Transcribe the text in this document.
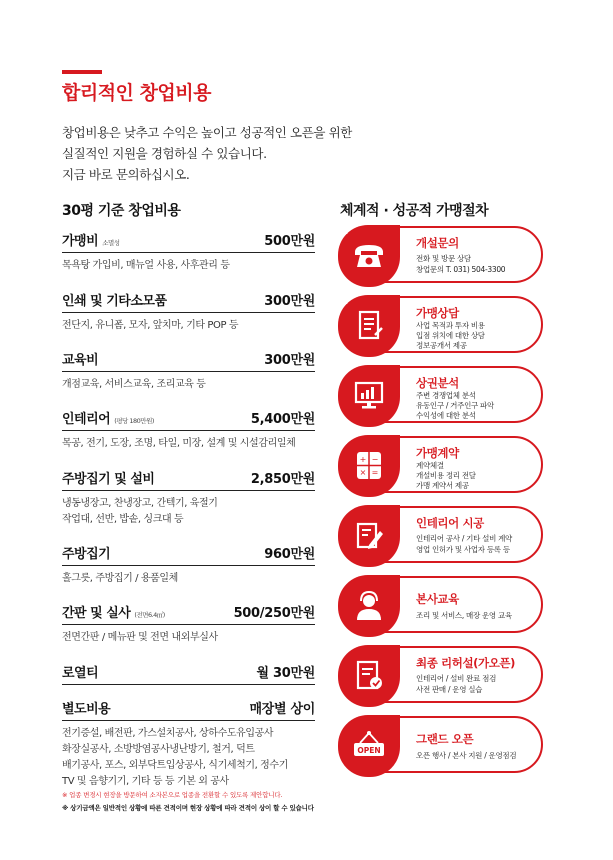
합리적인 창업비용
창업비용은 낮추고 수익은 높이고 성공적인 오픈을 위한
실질적인 지원을 경험하실 수 있습니다.
지금 바로 문의하십시오.
30평 기준 창업비용	체계적 · 성공적 가맹절차
가맹비 소멸성	500만원
목욕탕 가입비, 매뉴얼 사용, 사후관리 등
인쇄 및 기타소모품	300만원
전단지, 유니폼, 모자, 앞치마, 기타 POP 등
교육비	300만원
개점교육, 서비스교육, 조리교육 등
인테리어 (평당 180만원)	5,400만원
목공, 전기, 도장, 조명, 타일, 미장, 설계 및 시설감리일체
주방집기 및 설비	2,850만원
냉동냉장고, 찬냉장고, 간텍기, 육절기
작업대, 선반, 밥솥, 싱크대 등
주방집기	960만원
홀그릇, 주방집기 / 용품일체
간판 및 실사 (전면6.4㎡)	500/250만원
전면간판 / 메뉴판 및 전면 내외부실사
로열티	월 30만원
별도비용	매장별 상이
전기증설, 배전판, 가스설치공사, 상하수도유입공사
화장실공사, 소방방염공사냉난방기, 철거, 덕트
배기공사, 포스, 외부닥트입상공사, 식기세척기, 정수기
TV 및 음향기기, 기타 등 등 기본 외 공사
1
개설문의
전화 및 방문 상담
창업문의 T. 031) 504-3300
2
가맹상담
사업 목적과 투자 비용
입점 위치에 대한 상담
정보공개서 제공
3
상권분석
주변 경쟁업체 분석
유동인구 / 거주인구 파악
수익성에 대한 분석
4
+ −
× =
가맹계약
계약체결
개설비용 정리 전달
가맹 계약서 제공
5
인테리어 시공
인테리어 공사 / 기타 설비 계약
영업 인허가 및 사업자 등록 등
6
본사교육
조리 및 서비스, 매장 운영 교육
7
최종 리허설(가오픈)
인테리어 / 설비 완료 점검
사전 판매 / 운영 실습
8
OPEN
그랜드 오픈
오픈 행사 / 본사 지원 / 운영점검
※ 업종 변경시 현장을 방문하여 소자본으로 업종을 전환할 수 있도록 제안합니다.
※ 상기금액은 일반적인 상황에 따른 견적이며 현장 상황에 따라 견적이 상이 할 수 있습니다
